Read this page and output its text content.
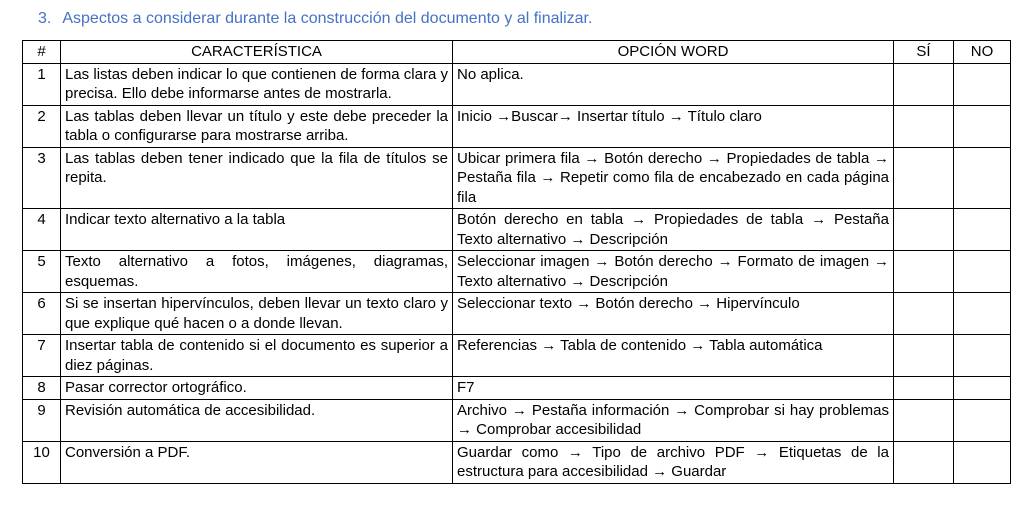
3. Aspectos a considerar durante la construcción del documento y al finalizar.
#	CARACTERÍSTICA	OPCIÓN WORD	SÍ	NO
1	Las listas deben indicar lo que contienen de forma clara y precisa. Ello debe informarse antes de mostrarla.	No aplica.		
2	Las tablas deben llevar un título y este debe preceder la tabla o configurarse para mostrarse arriba.	Inicio →Buscar→ Insertar título → Título claro		
3	Las tablas deben tener indicado que la fila de títulos se repita.	Ubicar primera fila → Botón derecho → Propiedades de tabla → Pestaña fila → Repetir como fila de encabezado en cada página fila		
4	Indicar texto alternativo a la tabla	Botón derecho en tabla → Propiedades de tabla → Pestaña Texto alternativo → Descripción		
5	Texto alternativo a fotos, imágenes, diagramas, esquemas.	Seleccionar imagen → Botón derecho → Formato de imagen → Texto alternativo → Descripción		
6	Si se insertan hipervínculos, deben llevar un texto claro y que explique qué hacen o a donde llevan.	Seleccionar texto → Botón derecho → Hipervínculo		
7	Insertar tabla de contenido si el documento es superior a diez páginas.	Referencias → Tabla de contenido → Tabla automática		
8	Pasar corrector ortográfico.	F7		
9	Revisión automática de accesibilidad.	Archivo → Pestaña información → Comprobar si hay problemas → Comprobar accesibilidad		
10	Conversión a PDF.	Guardar como → Tipo de archivo PDF → Etiquetas de la estructura para accesibilidad → Guardar		
